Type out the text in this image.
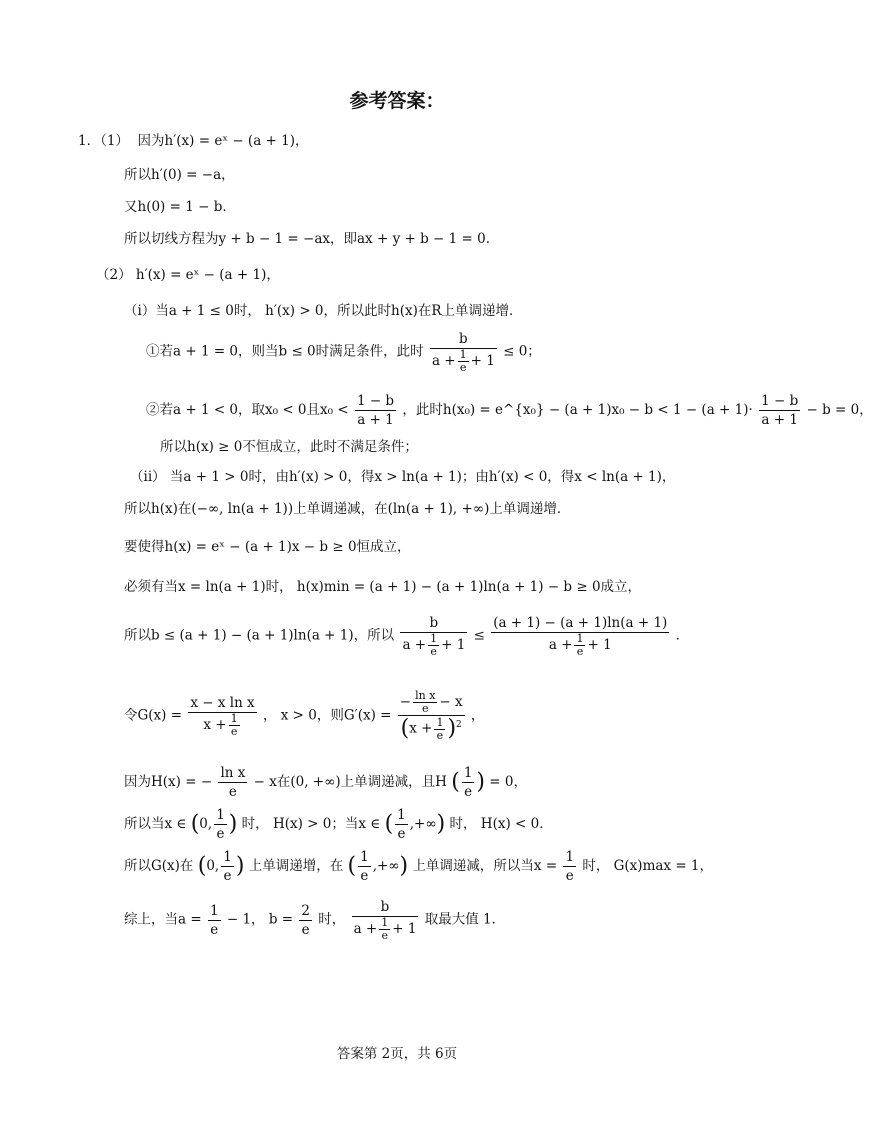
参考答案：
1．（1） 因为h′(x) = eˣ − (a + 1)，
所以h′(0) = −a，
又h(0) = 1 − b．
所以切线方程为y + b − 1 = −ax，即ax + y + b − 1 = 0．
（2） h′(x) = eˣ − (a + 1)，
（i）当a + 1 ≤ 0时， h′(x) > 0，所以此时h(x)在R上单调递增．
①若a + 1 = 0，则当b ≤ 0时满足条件，此时 $\frac{b}{a + \frac{1}{e} + 1} \le 0$；
②若a + 1 < 0，取x₀ < 0且$x_0 < \frac{1 - b}{a + 1}$ ，此时h(x₀) = e^{x₀} − $(a + 1)x_0 - b < 1 - (a + 1)\cdot \frac{1 - b}{a + 1} - b = 0$，
所以h(x) ≥ 0不恒成立，此时不满足条件；
（ii） 当a + 1 > 0时，由h′(x) > 0，得x > ln(a + 1)；由h′(x) < 0，得x < ln(a + 1)，
所以h(x)在(−∞, ln(a + 1))上单调递减，在(ln(a + 1), +∞)上单调递增．
要使得h(x) = eˣ − (a + 1)x − b ≥ 0恒成立，
必须有当x = ln(a + 1)时， h(x)min = (a + 1) − (a + 1)ln(a + 1) − b ≥ 0成立，
所以b ≤ (a + 1) − (a + 1)ln(a + 1)，所以 $\frac{b}{a + \frac{1}{e} + 1} \le \frac{(a + 1) - (a + 1)\ln(a + 1)}{a + \frac{1}{e} + 1}$ ．
令$G(x) = \frac{\text{x − x ln x}}{x + \frac{1}{e}}$ ， x > 0，则$G'(x) = \frac{- \frac{\text{ln x}}{e} - x}{(x + \frac{1}{e} )^2}$ ，
因为H(x) = − $\frac{\text{ln x}}{e} - x$在(0, +∞)上单调递减，且H ( $\frac{1}{e}$ ) = 0，
所以当x ∈ (0, $\frac{1}{e}$ ) 时， H(x) > 0；当x ∈ ( $\frac{1}{e}$ ,+∞) 时， H(x) < 0．
所以G(x)在 (0, $\frac{1}{e}$ ) 上单调递增，在 ( $\frac{1}{e}$ ,+∞) 上单调递减，所以当$x = \frac{1}{e}$ 时， G(x)max = 1，
综上，当$a = \frac{1}{e} - 1$， $b = \frac{2}{e}$ 时， $\frac{b}{a + \frac{1}{e} + 1}$ 取最大值 1．
答案第 2页，共 6页
